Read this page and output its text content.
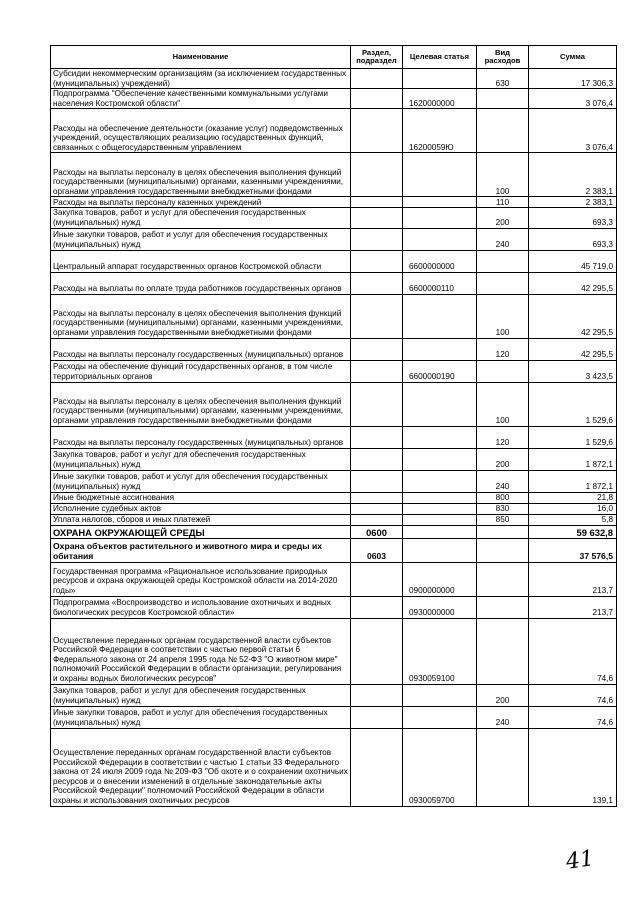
Наименование	Раздел, подраздел	Целевая статья	Вид расходов	Сумма
Субсидии некоммерческим организациям (за исключением государственных (муниципальных) учреждений)			630	17 306,3
Подпрограмма "Обеспечение качественными коммунальными услугами населения Костромской области"		1620000000		3 076,4
Расходы на обеспечение деятельности (оказание услуг) подведомственных учреждений, осуществляющих реализацию государственных функций, связанных с общегосударственным управлением		16200059Ю		3 076,4
Расходы на выплаты персоналу в целях обеспечения выполнения функций государственными (муниципальными) органами, казенными учреждениями, органами управления государственными внебюджетными фондами			100	2 383,1
Расходы на выплаты персоналу казенных учреждений			110	2 383,1
Закупка товаров, работ и услуг для обеспечения государственных (муниципальных) нужд			200	693,3
Иные закупки товаров, работ и услуг для обеспечения государственных (муниципальных) нужд			240	693,3
Центральный аппарат государственных органов Костромской области		6600000000		45 719,0
Расходы на выплаты по оплате труда работников государственных органов		6600000110		42 295,5
Расходы на выплаты персоналу в целях обеспечения выполнения функций государственными (муниципальными) органами, казенными учреждениями, органами управления государственными внебюджетными фондами			100	42 295,5
Расходы на выплаты персоналу государственных (муниципальных) органов			120	42 295,5
Расходы на обеспечение функций государственных органов, в том числе территориальных органов		6600000190		3 423,5
Расходы на выплаты персоналу в целях обеспечения выполнения функций государственными (муниципальными) органами, казенными учреждениями, органами управления государственными внебюджетными фондами			100	1 529,6
Расходы на выплаты персоналу государственных (муниципальных) органов			120	1 529,6
Закупка товаров, работ и услуг для обеспечения государственных (муниципальных) нужд			200	1 872,1
Иные закупки товаров, работ и услуг для обеспечения государственных (муниципальных) нужд			240	1 872,1
Иные бюджетные ассигнования			800	21,8
Исполнение судебных актов			830	16,0
Уплата налогов, сборов и иных платежей			850	5,8
ОХРАНА ОКРУЖАЮЩЕЙ СРЕДЫ	0600			59 632,8
Охрана объектов растительного и животного мира и среды их обитания	0603			37 576,5
Государственная программа «Рациональное использование природных ресурсов и охрана окружающей среды Костромской области на 2014-2020 годы»		0900000000		213,7
Подпрограмма «Воспроизводство и использование охотничьих и водных биологических ресурсов Костромской области»		0930000000		213,7
Осуществление переданных органам государственной власти субъектов Российской Федерации в соответствии с частью первой статьи 6 Федерального закона от 24 апреля 1995 года № 52-ФЗ "О животном мире" полномочий Российской Федерации в области организации, регулирования и охраны водных биологических ресурсов"		0930059100		74,6
Закупка товаров, работ и услуг для обеспечения государственных (муниципальных) нужд			200	74,6
Иные закупки товаров, работ и услуг для обеспечения государственных (муниципальных) нужд			240	74,6
Осуществление переданных органам государственной власти субъектов Российской Федерации в соответствии с частью 1 статьи 33 Федерального закона от 24 июля 2009 года № 209-ФЗ "Об охоте и о сохранении охотничьих ресурсов и о внесении изменений в отдельные законодательные акты Российской Федерации" полномочий Российской Федерации в области охраны и использования охотничьих ресурсов		0930059700		139,1
41
